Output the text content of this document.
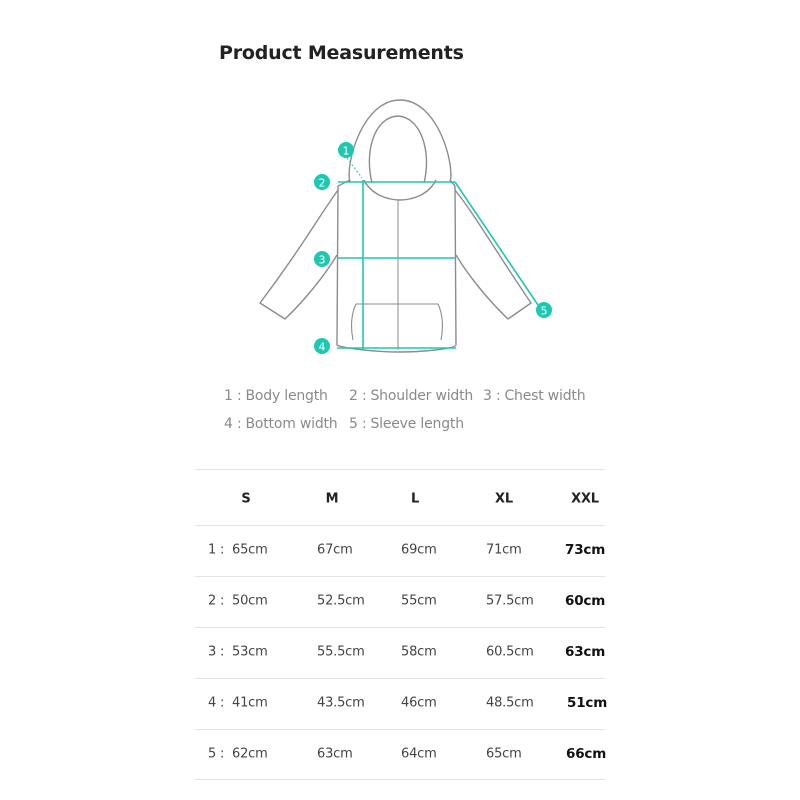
Product Measurements
1
2
3
4
5
1 : Body length 2 : Shoulder width 3 : Chest width
4 : Bottom width 5 : Sleeve length
S	M	L	XL	XXL
1 : 65cm	67cm	69cm	71cm	73cm
2 : 50cm	52.5cm	55cm	57.5cm 60cm
3 : 53cm	55.5cm	58cm	60.5cm 63cm
4 : 41cm	43.5cm	46cm	48.5cm 51cm
5 : 62cm	63cm	64cm	65cm	66cm
